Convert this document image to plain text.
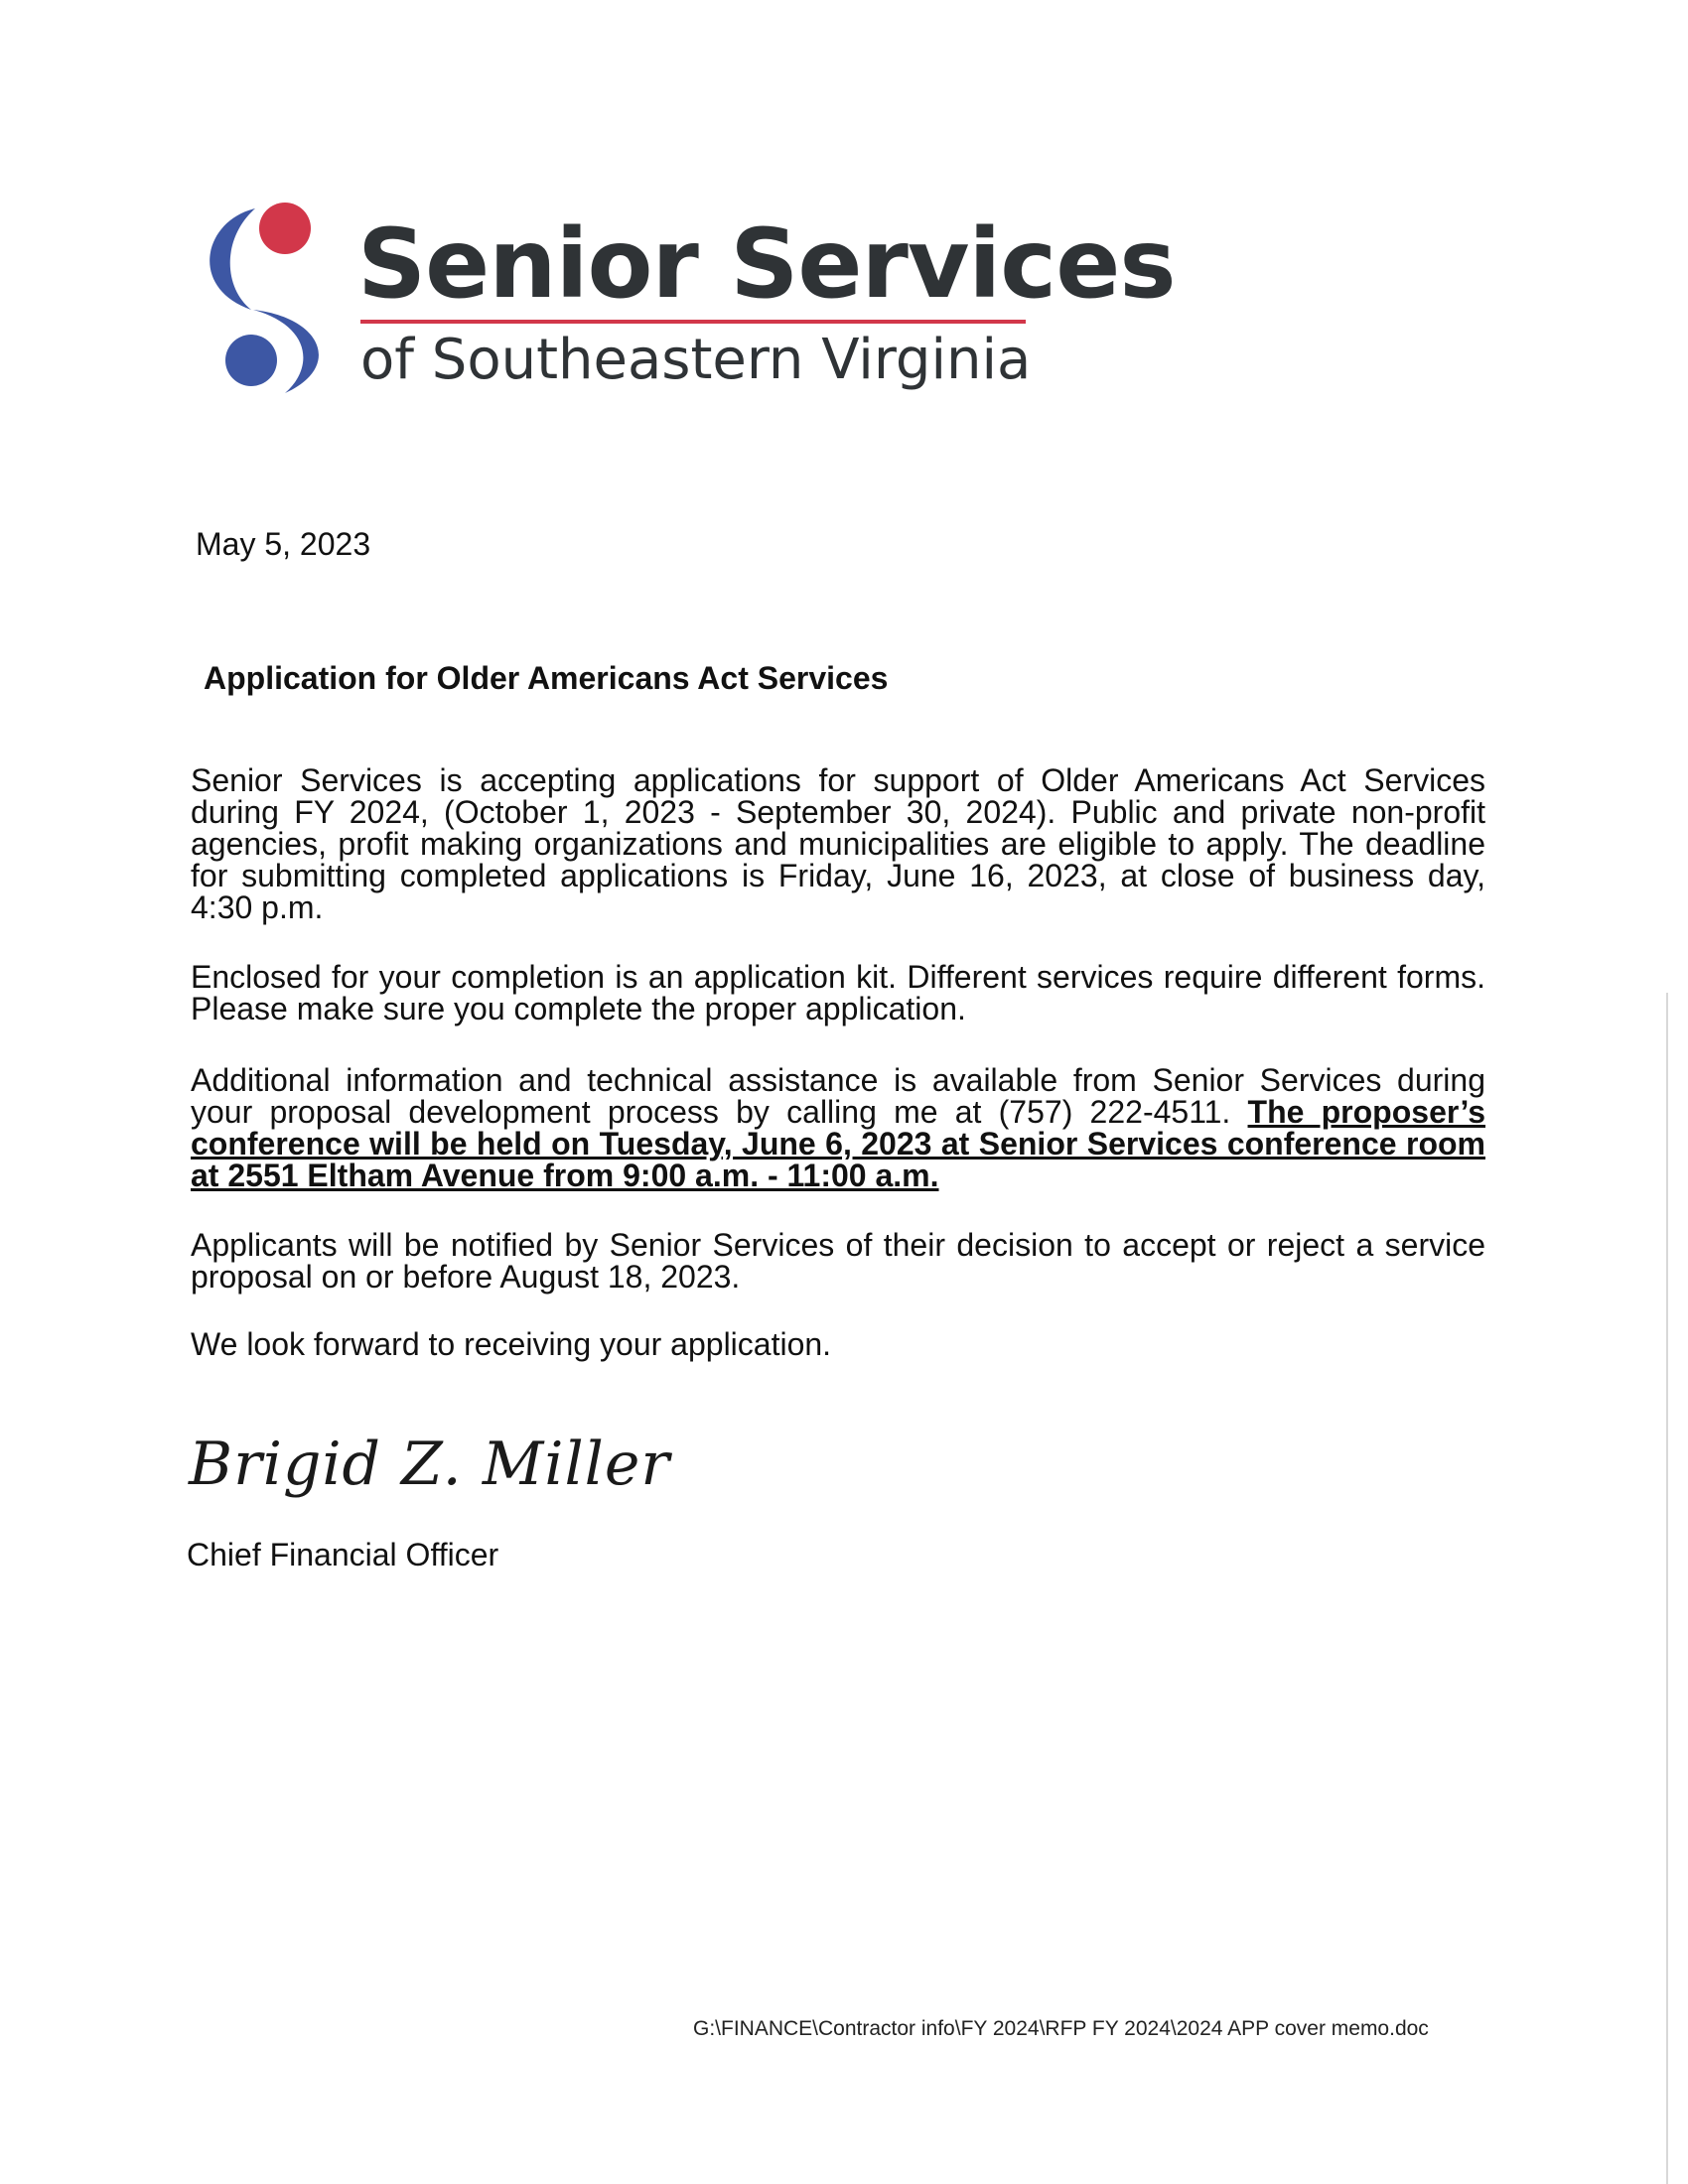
Senior Services
of Southeastern Virginia
May 5, 2023
Application for Older Americans Act Services

Senior Services is accepting applications for support of Older Americans Act Services during FY 2024, (October 1, 2023 - September 30, 2024). Public and private non-profit agencies, profit making organizations and municipalities are eligible to apply. The deadline for submitting completed applications is Friday, June 16, 2023, at close of business day, 4:30 p.m.

Enclosed for your completion is an application kit. Different services require different forms. Please make sure you complete the proper application.

Additional information and technical assistance is available from Senior Services during your proposal development process by calling me at (757) 222-4511. The proposer’s conference will be held on Tuesday, June 6, 2023 at Senior Services conference room at 2551 Eltham Avenue from 9:00 a.m. - 11:00 a.m.

Applicants will be notified by Senior Services of their decision to accept or reject a service proposal on or before August 18, 2023.

We look forward to receiving your application.

Brigid Z. Miller
Chief Financial Officer
G:\FINANCE\Contractor info\FY 2024\RFP FY 2024\2024 APP cover memo.doc
